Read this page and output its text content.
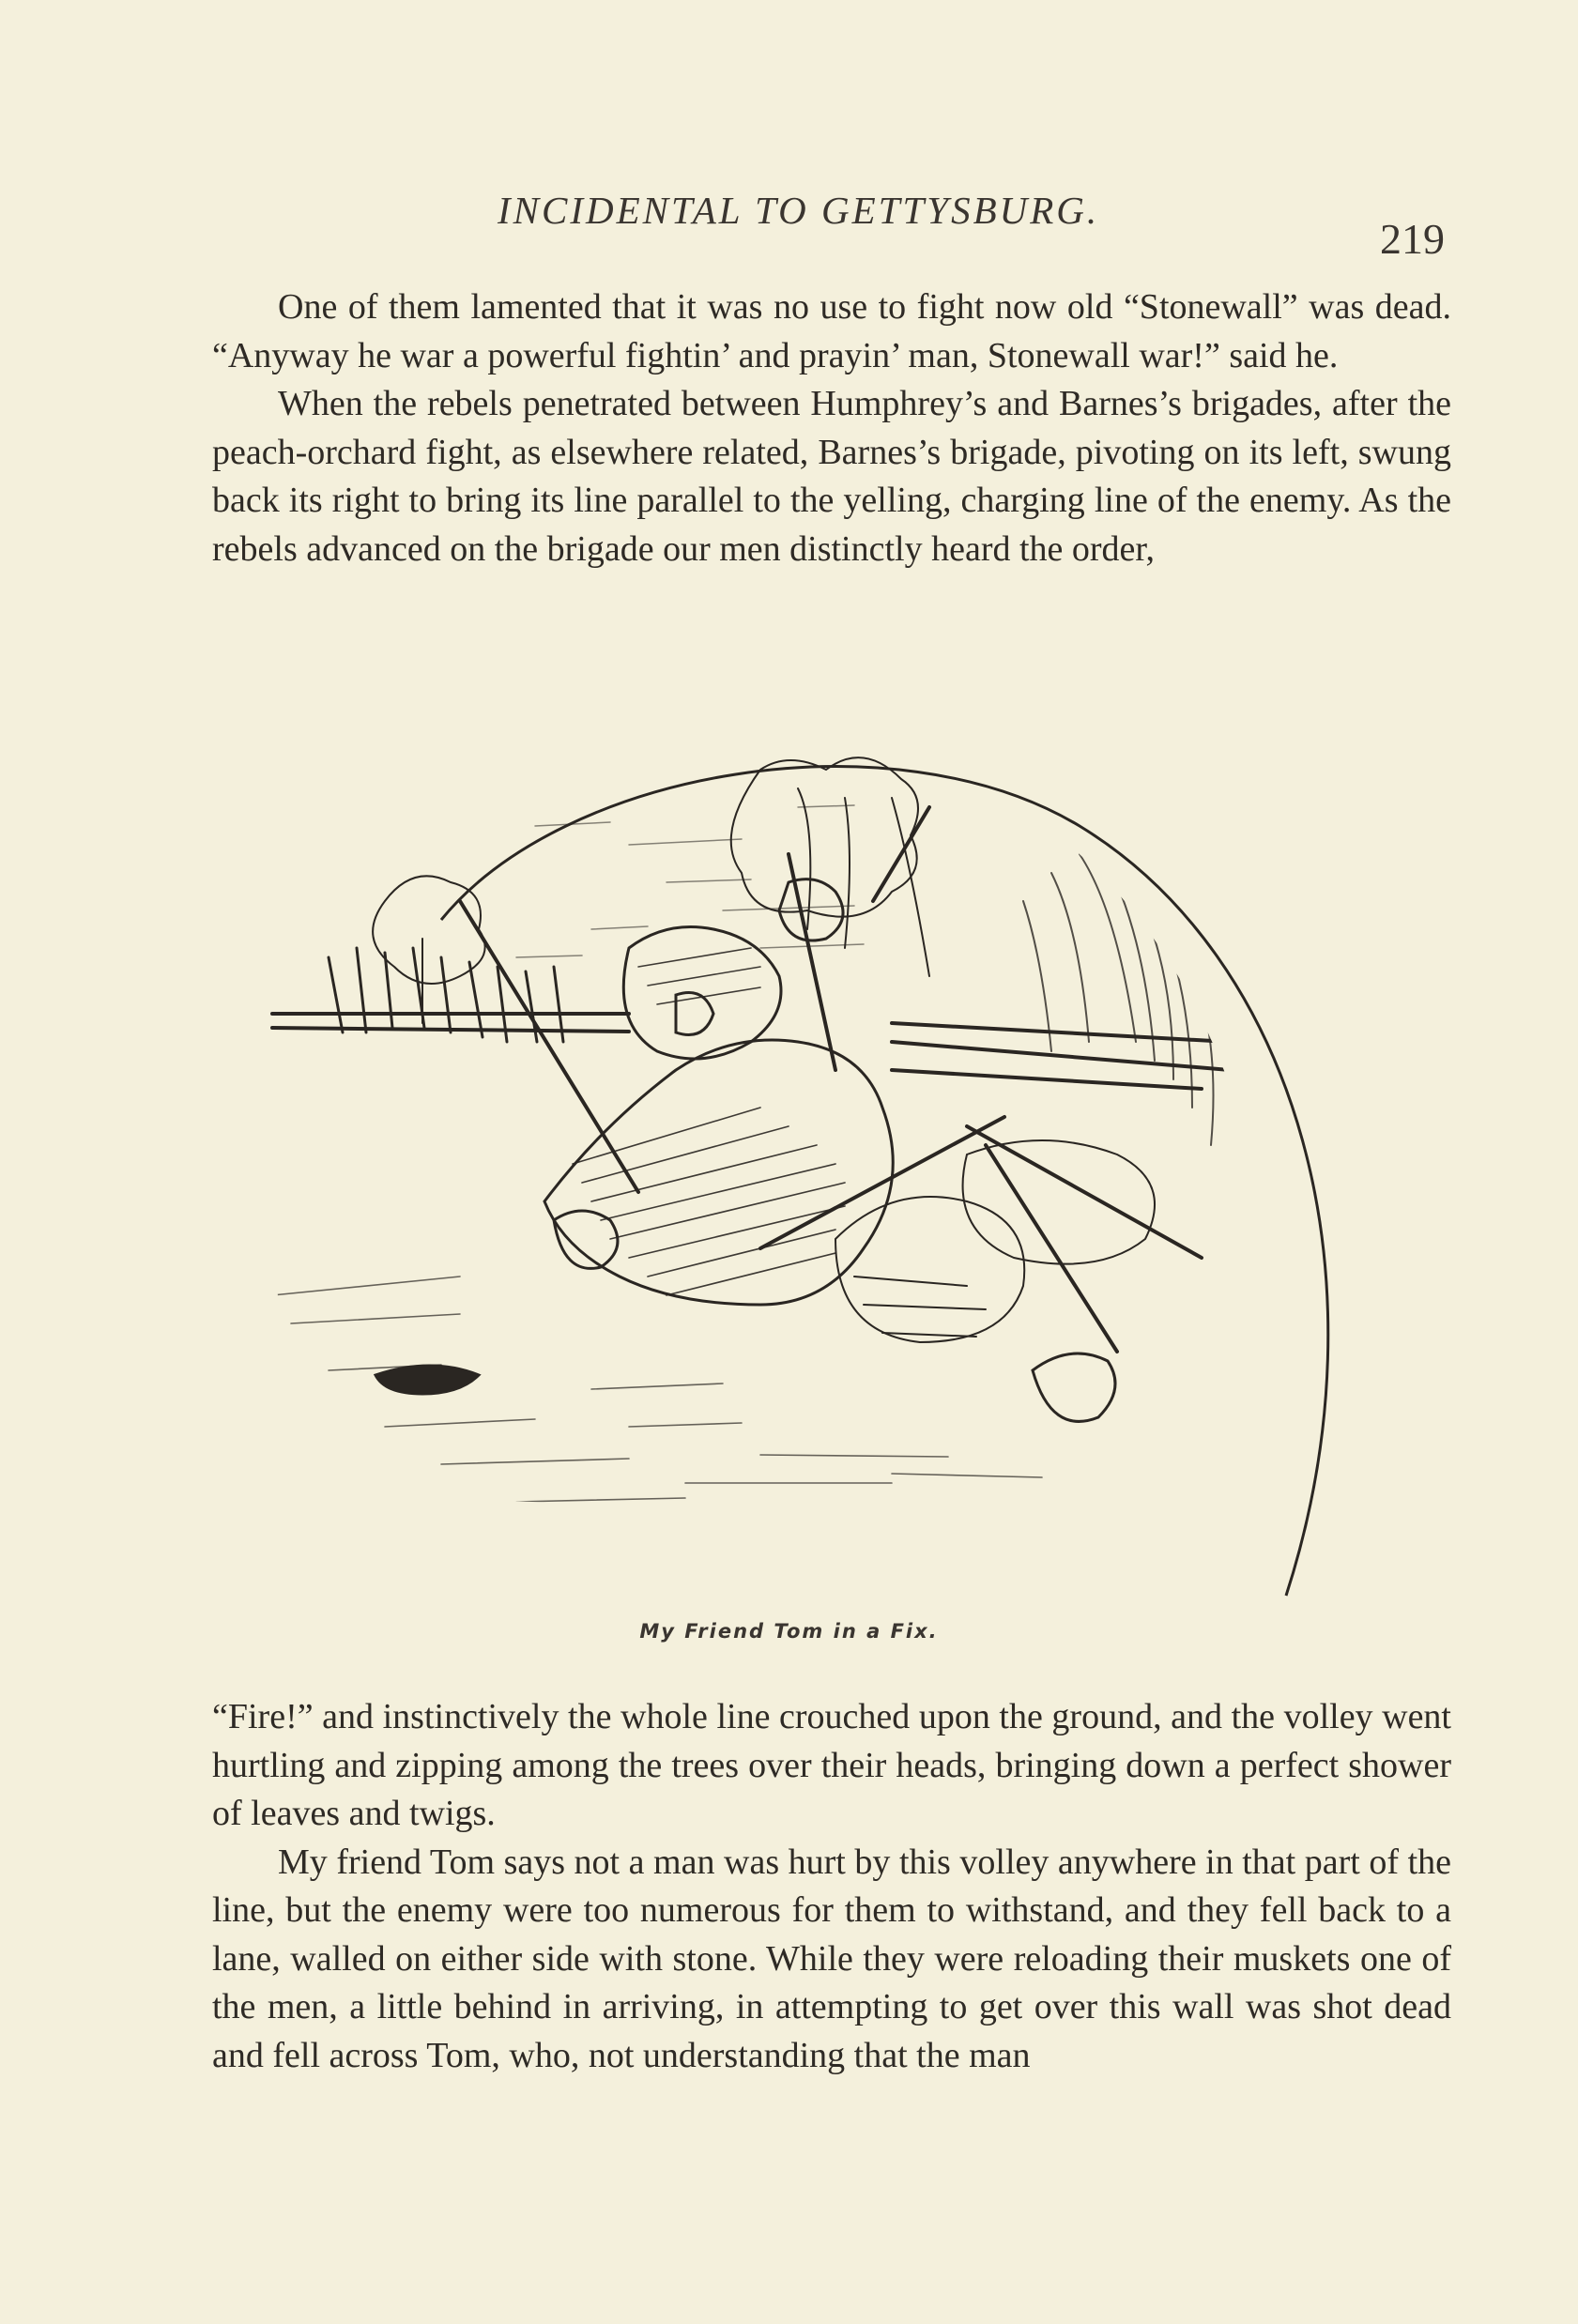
INCIDENTAL TO GETTYSBURG.
219

One of them lamented that it was no use to fight now old “Stonewall” was dead. “Anyway he war a powerful fightin’ and prayin’ man, Stonewall war!” said he.

When the rebels penetrated between Humphrey’s and Barnes’s brigades, after the peach-orchard fight, as elsewhere related, Barnes’s brigade, pivoting on its left, swung back its right to bring its line parallel to the yelling, charging line of the enemy. As the rebels advanced on the brigade our men distinctly heard the order,

My Friend Tom in a Fix.

“Fire!” and instinctively the whole line crouched upon the ground, and the volley went hurtling and zipping among the trees over their heads, bringing down a perfect shower of leaves and twigs.

My friend Tom says not a man was hurt by this volley anywhere in that part of the line, but the enemy were too numerous for them to withstand, and they fell back to a lane, walled on either side with stone. While they were reloading their muskets one of the men, a little behind in arriving, in attempting to get over this wall was shot dead and fell across Tom, who, not understanding that the man
